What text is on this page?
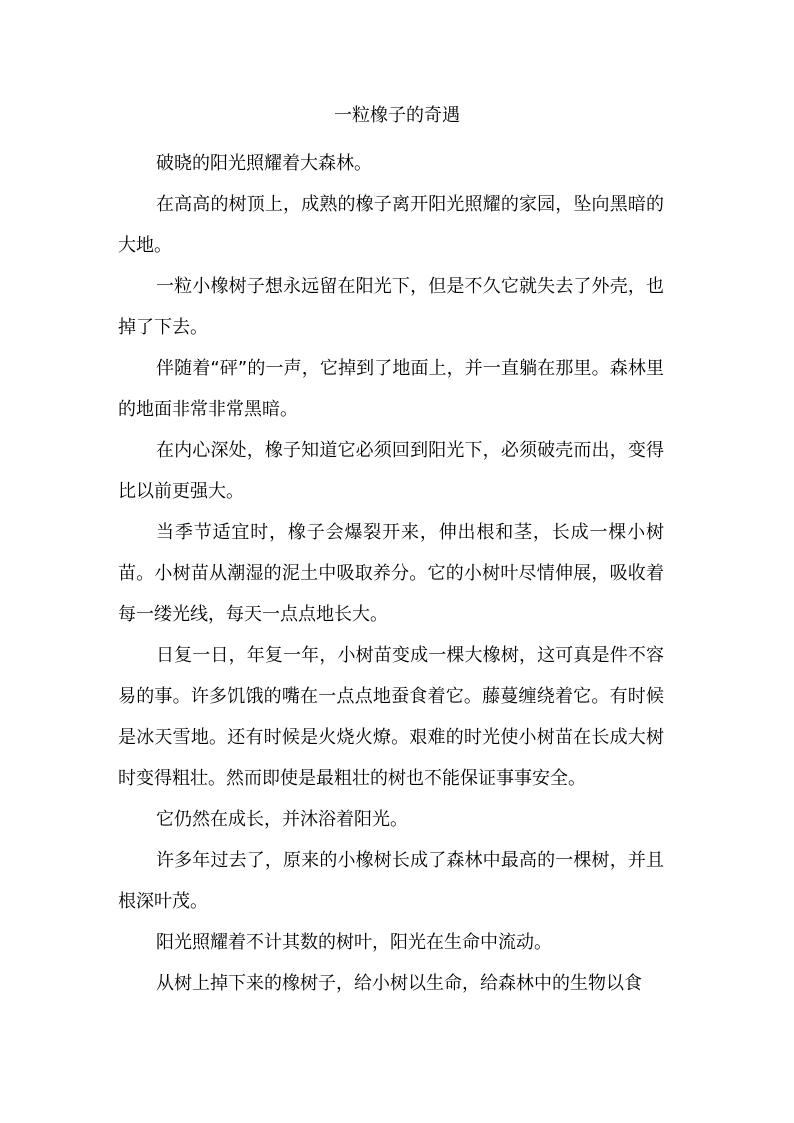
一粒橡子的奇遇

破晓的阳光照耀着大森林。

在高高的树顶上，成熟的橡子离开阳光照耀的家园，坠向黑暗的大地。

一粒小橡树子想永远留在阳光下，但是不久它就失去了外壳，也掉了下去。

伴随着“砰”的一声，它掉到了地面上，并一直躺在那里。森林里的地面非常非常黑暗。

在内心深处，橡子知道它必须回到阳光下，必须破壳而出，变得比以前更强大。

当季节适宜时，橡子会爆裂开来，伸出根和茎，长成一棵小树苗。小树苗从潮湿的泥土中吸取养分。它的小树叶尽情伸展，吸收着每一缕光线，每天一点点地长大。

日复一日，年复一年，小树苗变成一棵大橡树，这可真是件不容易的事。许多饥饿的嘴在一点点地蚕食着它。藤蔓缠绕着它。有时候是冰天雪地。还有时候是火烧火燎。艰难的时光使小树苗在长成大树时变得粗壮。然而即使是最粗壮的树也不能保证事事安全。

它仍然在成长，并沐浴着阳光。

许多年过去了，原来的小橡树长成了森林中最高的一棵树，并且根深叶茂。

阳光照耀着不计其数的树叶，阳光在生命中流动。

从树上掉下来的橡树子，给小树以生命，给森林中的生物以食
